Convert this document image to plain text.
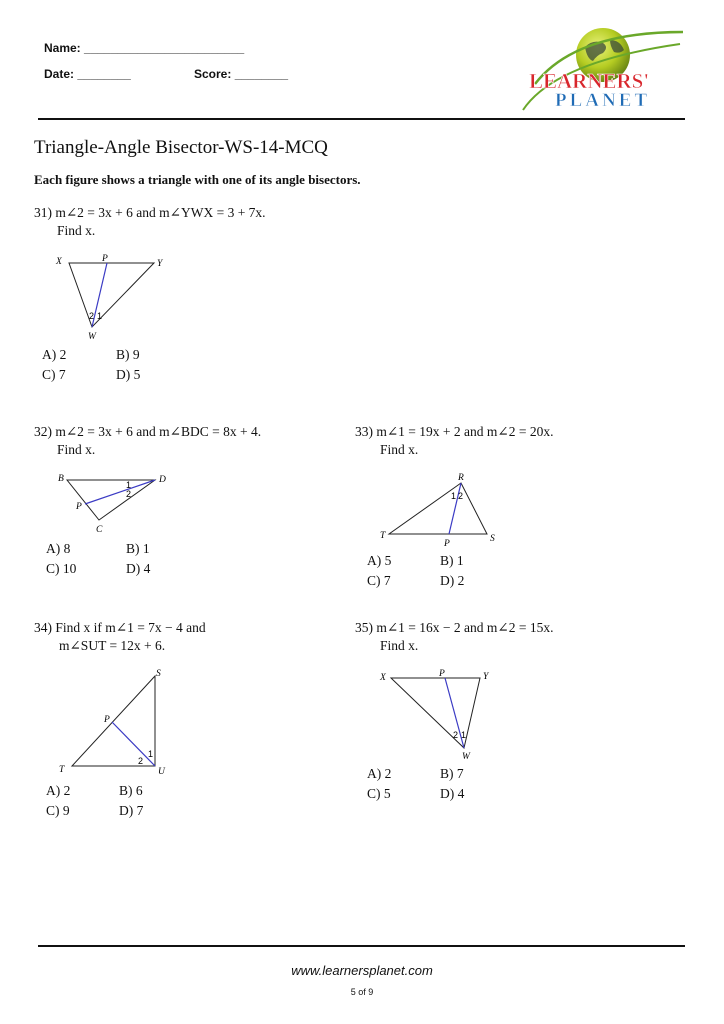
Name: ________________________
Date: ________	Score: ________	LEARNERS'
PLANET
Triangle-Angle Bisector-WS-14-MCQ
Each figure shows a triangle with one of its angle bisectors.
31) m∠2 = 3x + 6 and m∠YWX = 3 + 7x.
Find x.
X	P	Y
W
2 1
A) 2	B) 9
C) 7	D) 5
32) m∠2 = 3x + 6 and m∠BDC = 8x + 4.
Find x.
B	D
P
C
1
2
A) 8	B) 1
C) 10	D) 4
33) m∠1 = 19x + 2 and m∠2 = 20x.
Find x.
R
T
P	S
1 2
A) 5	B) 1
C) 7	D) 2
34) Find x if m∠1 = 7x − 4 and
m∠SUT = 12x + 6.
S
P
T	U
1
2
A) 2	B) 6
C) 9	D) 7
35) m∠1 = 16x − 2 and m∠2 = 15x.
Find x.
X	P	Y
W
2 1
A) 2	B) 7
C) 5	D) 4
www.learnersplanet.com
5 of 9
